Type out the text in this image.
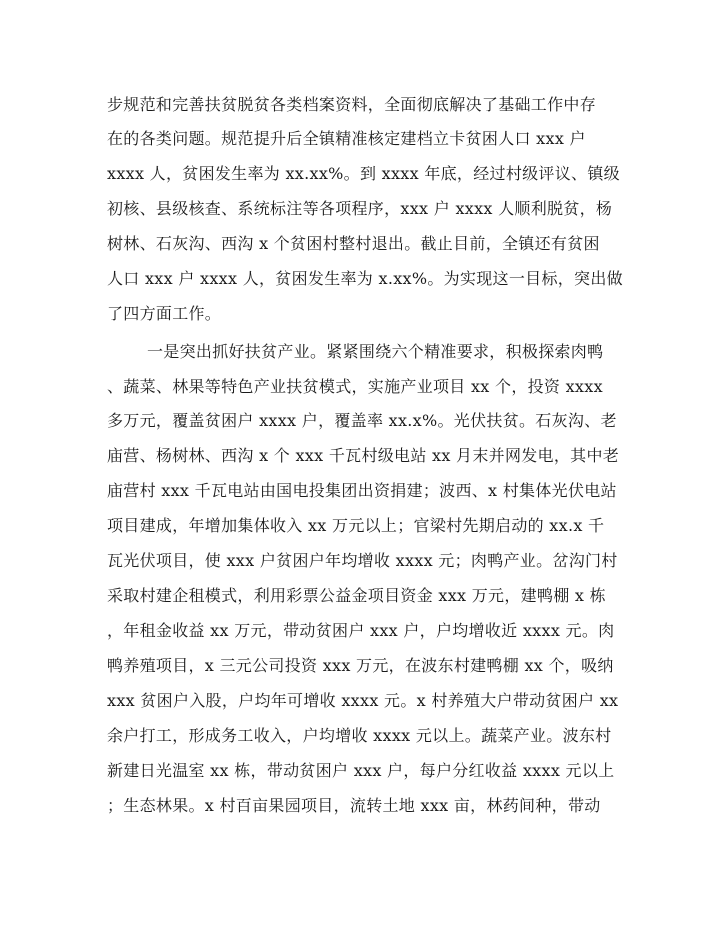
步规范和完善扶贫脱贫各类档案资料，全面彻底解决了基础工作中存
在的各类问题。规范提升后全镇精准核定建档立卡贫困人口 xxx 户
xxxx 人，贫困发生率为 xx.xx%。到 xxxx 年底，经过村级评议、镇级
初核、县级核查、系统标注等各项程序，xxx 户 xxxx 人顺利脱贫，杨
树林、石灰沟、西沟 x 个贫困村整村退出。截止目前，全镇还有贫困
人口 xxx 户 xxxx 人，贫困发生率为 x.xx%。为实现这一目标，突出做
了四方面工作。
一是突出抓好扶贫产业。紧紧围绕六个精准要求，积极探索肉鸭
、蔬菜、林果等特色产业扶贫模式，实施产业项目 xx 个，投资 xxxx
多万元，覆盖贫困户 xxxx 户，覆盖率 xx.x%。光伏扶贫。石灰沟、老
庙营、杨树林、西沟 x 个 xxx 千瓦村级电站 xx 月末并网发电，其中老
庙营村 xxx 千瓦电站由国电投集团出资捐建；波西、x 村集体光伏电站
项目建成，年增加集体收入 xx 万元以上；官梁村先期启动的 xx.x 千
瓦光伏项目，使 xxx 户贫困户年均增收 xxxx 元；肉鸭产业。岔沟门村
采取村建企租模式，利用彩票公益金项目资金 xxx 万元，建鸭棚 x 栋
，年租金收益 xx 万元，带动贫困户 xxx 户，户均增收近 xxxx 元。肉
鸭养殖项目，x 三元公司投资 xxx 万元，在波东村建鸭棚 xx 个，吸纳
xxx 贫困户入股，户均年可增收 xxxx 元。x 村养殖大户带动贫困户 xx
余户打工，形成务工收入，户均增收 xxxx 元以上。蔬菜产业。波东村
新建日光温室 xx 栋，带动贫困户 xxx 户，每户分红收益 xxxx 元以上
；生态林果。x 村百亩果园项目，流转土地 xxx 亩，林药间种，带动
